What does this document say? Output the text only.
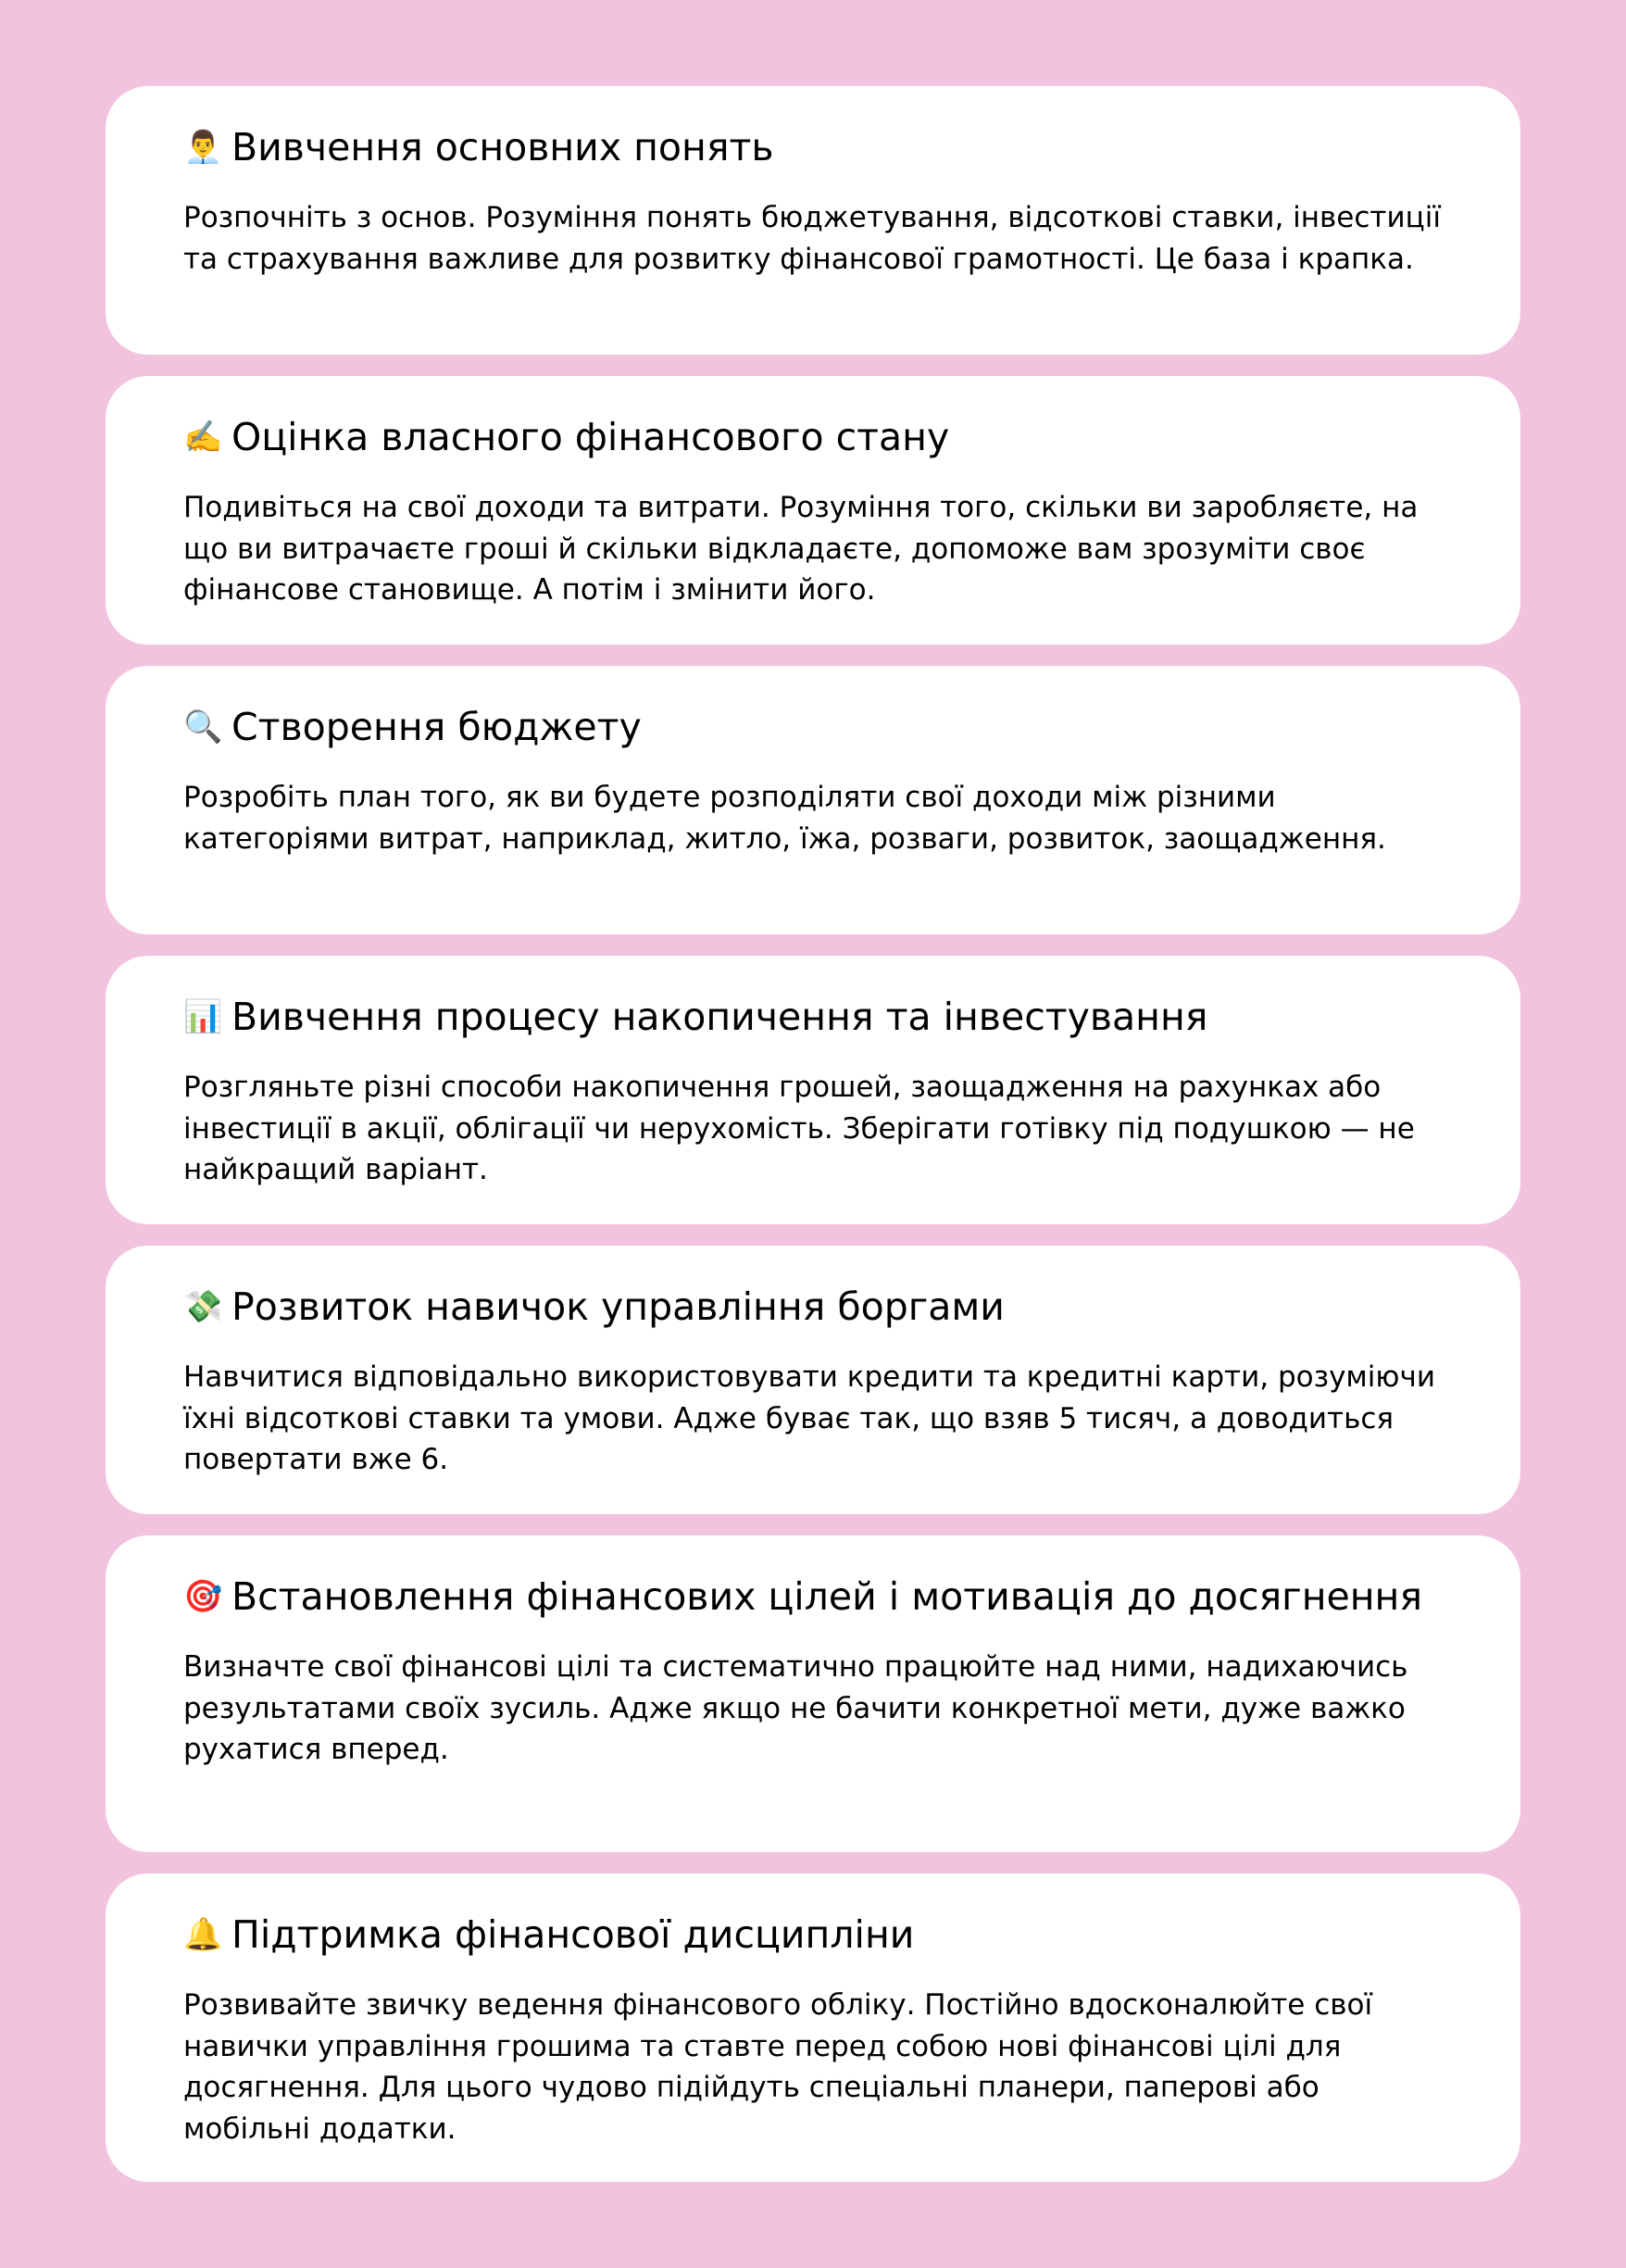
👨‍💼 Вивчення основних понять

Розпочніть з основ. Розуміння понять бюджетування, відсоткові ставки, інвестиції та страхування важливе для розвитку фінансової грамотності. Це база і крапка.

✍️ Оцінка власного фінансового стану

Подивіться на свої доходи та витрати. Розуміння того, скільки ви заробляєте, на що ви витрачаєте гроші й скільки відкладаєте, допоможе вам зрозуміти своє фінансове становище. А потім і змінити його.

🔍 Створення бюджету

Розробіть план того, як ви будете розподіляти свої доходи між різними категоріями витрат, наприклад, житло, їжа, розваги, розвиток, заощадження.

📊 Вивчення процесу накопичення та інвестування

Розгляньте різні способи накопичення грошей, заощадження на рахунках або інвестиції в акції, облігації чи нерухомість. Зберігати готівку під подушкою — не найкращий варіант.

💸 Розвиток навичок управління боргами

Навчитися відповідально використовувати кредити та кредитні карти, розуміючи їхні відсоткові ставки та умови. Адже буває так, що взяв 5 тисяч, а доводиться повертати вже 6.

🎯 Встановлення фінансових цілей і мотивація до досягнення

Визначте свої фінансові цілі та систематично працюйте над ними, надихаючись результатами своїх зусиль. Адже якщо не бачити конкретної мети, дуже важко рухатися вперед.

🔔 Підтримка фінансової дисципліни

Розвивайте звичку ведення фінансового обліку. Постійно вдосконалюйте свої навички управління грошима та ставте перед собою нові фінансові цілі для досягнення. Для цього чудово підійдуть спеціальні планери, паперові або мобільні додатки.
